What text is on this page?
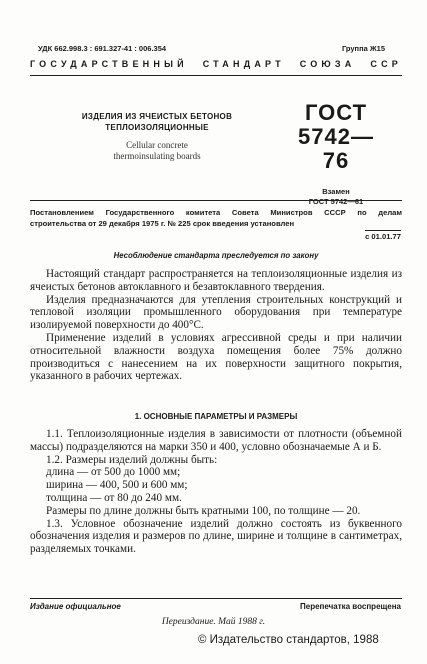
УДК 662.998.3 : 691.327-41 : 006.354	Группа Ж15
ГОСУДАРСТВЕННЫЙ СТАНДАРТ СОЮЗА ССР
ИЗДЕЛИЯ ИЗ ЯЧЕИСТЫХ БЕТОНОВ
ТЕПЛОИЗОЛЯЦИОННЫЕ
Cellular concrete
thermoinsulating boards
ГОСТ
5742—76
Взамен
ГОСТ 5742—61
Постановлением Государственного комитета Совета Министров СССР по делам
строительства от 29 декабря 1975 г. № 225 срок введения установлен
с 01.01.77
Несоблюдение стандарта преследуется по закону

Настоящий стандарт распространяется на теплоизоляционные изделия из ячеистых бетонов автоклавного и безавтоклавного твердения.

Изделия предназначаются для утепления строительных конструкций и тепловой изоляции промышленного оборудования при температуре изолируемой поверхности до 400°С.

Применение изделий в условиях агрессивной среды и при наличии относительной влажности воздуха помещения более 75% должно производиться с нанесением на их поверхности защитного покрытия, указанного в рабочих чертежах.

1. ОСНОВНЫЕ ПАРАМЕТРЫ И РАЗМЕРЫ

1.1. Теплоизоляционные изделия в зависимости от плотности (объемной массы) подразделяются на марки 350 и 400, условно обозначаемые А и Б.

1.2. Размеры изделий должны быть:

длина — от 500 до 1000 мм;

ширина — 400, 500 и 600 мм;

толщина — от 80 до 240 мм.

Размеры по длине должны быть кратными 100, по толщине — 20.

1.3. Условное обозначение изделий должно состоять из буквенного обозначения изделия и размеров по длине, ширине и толщине в сантиметрах, разделяемых точками.

Издание официальное	Перепечатка воспрещена
Переиздание. Май 1988 г.
© Издательство стандартов, 1988
